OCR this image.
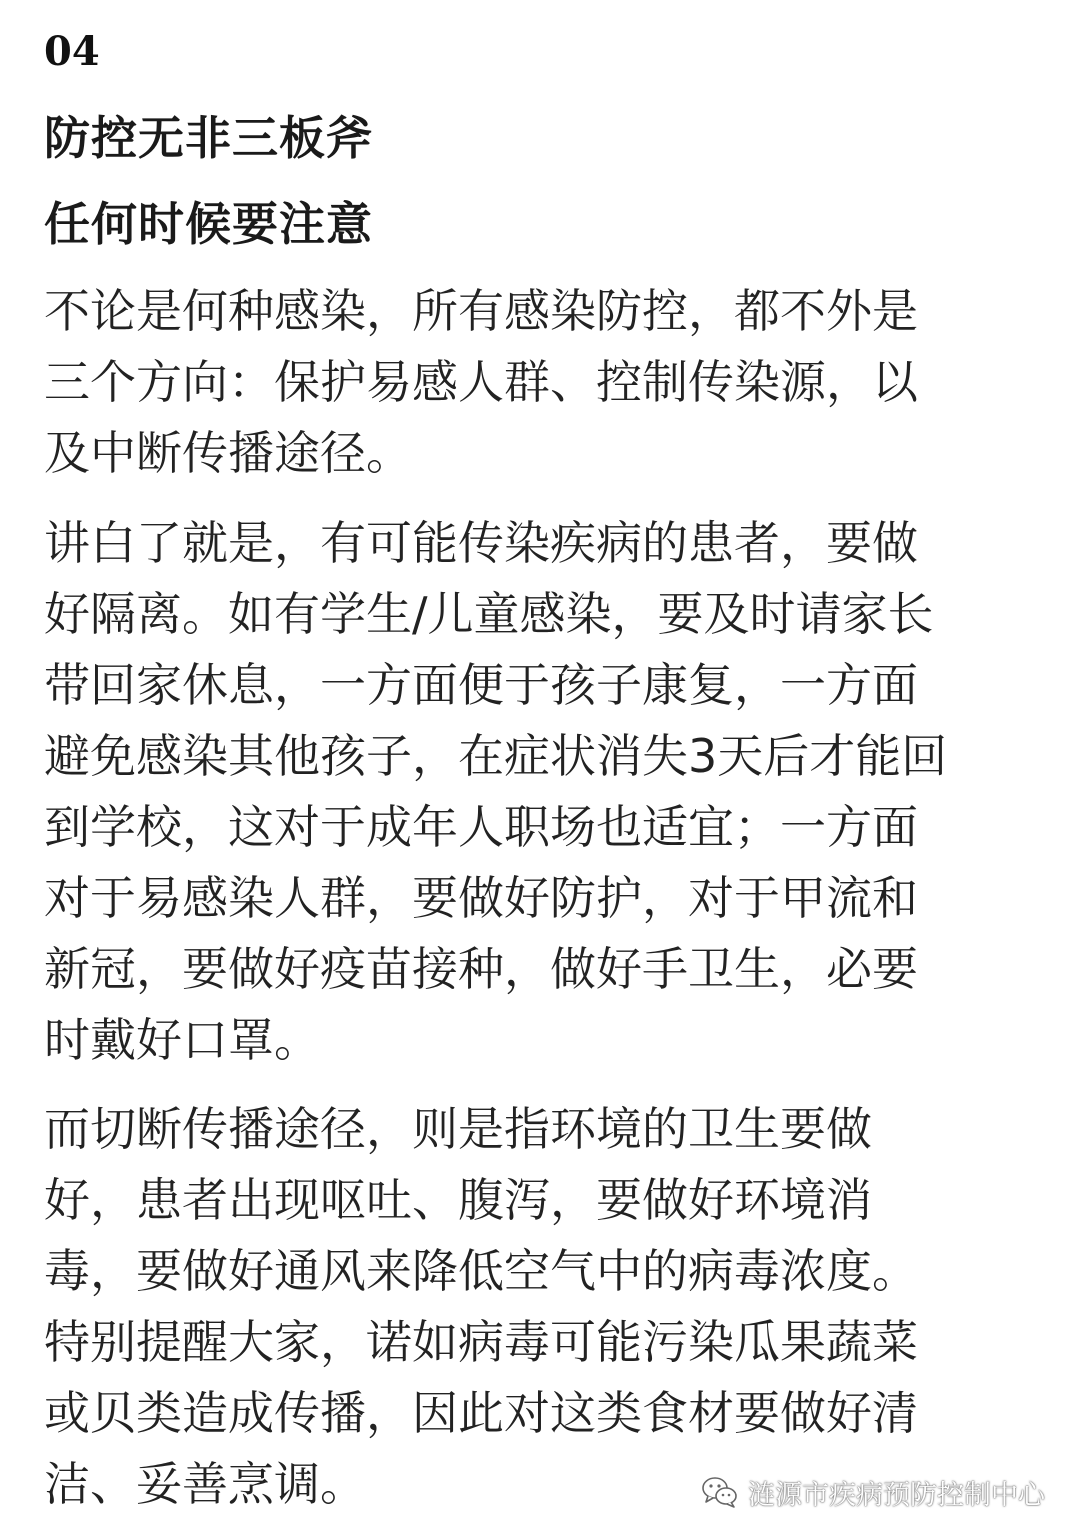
04
防控无非三板斧
任何时候要注意
不论是何种感染，所有感染防控，都不外是
三个方向：保护易感人群、控制传染源，以
及中断传播途径。
讲白了就是，有可能传染疾病的患者，要做
好隔离。如有学生/儿童感染，要及时请家长
带回家休息，一方面便于孩子康复，一方面
避免感染其他孩子，在症状消失3天后才能回
到学校，这对于成年人职场也适宜；一方面
对于易感染人群，要做好防护，对于甲流和
新冠，要做好疫苗接种，做好手卫生，必要
时戴好口罩。
而切断传播途径，则是指环境的卫生要做
好，患者出现呕吐、腹泻，要做好环境消
毒，要做好通风来降低空气中的病毒浓度。
特别提醒大家，诺如病毒可能污染瓜果蔬菜
或贝类造成传播，因此对这类食材要做好清
洁、妥善烹调。	涟源市疾病预防控制中心
